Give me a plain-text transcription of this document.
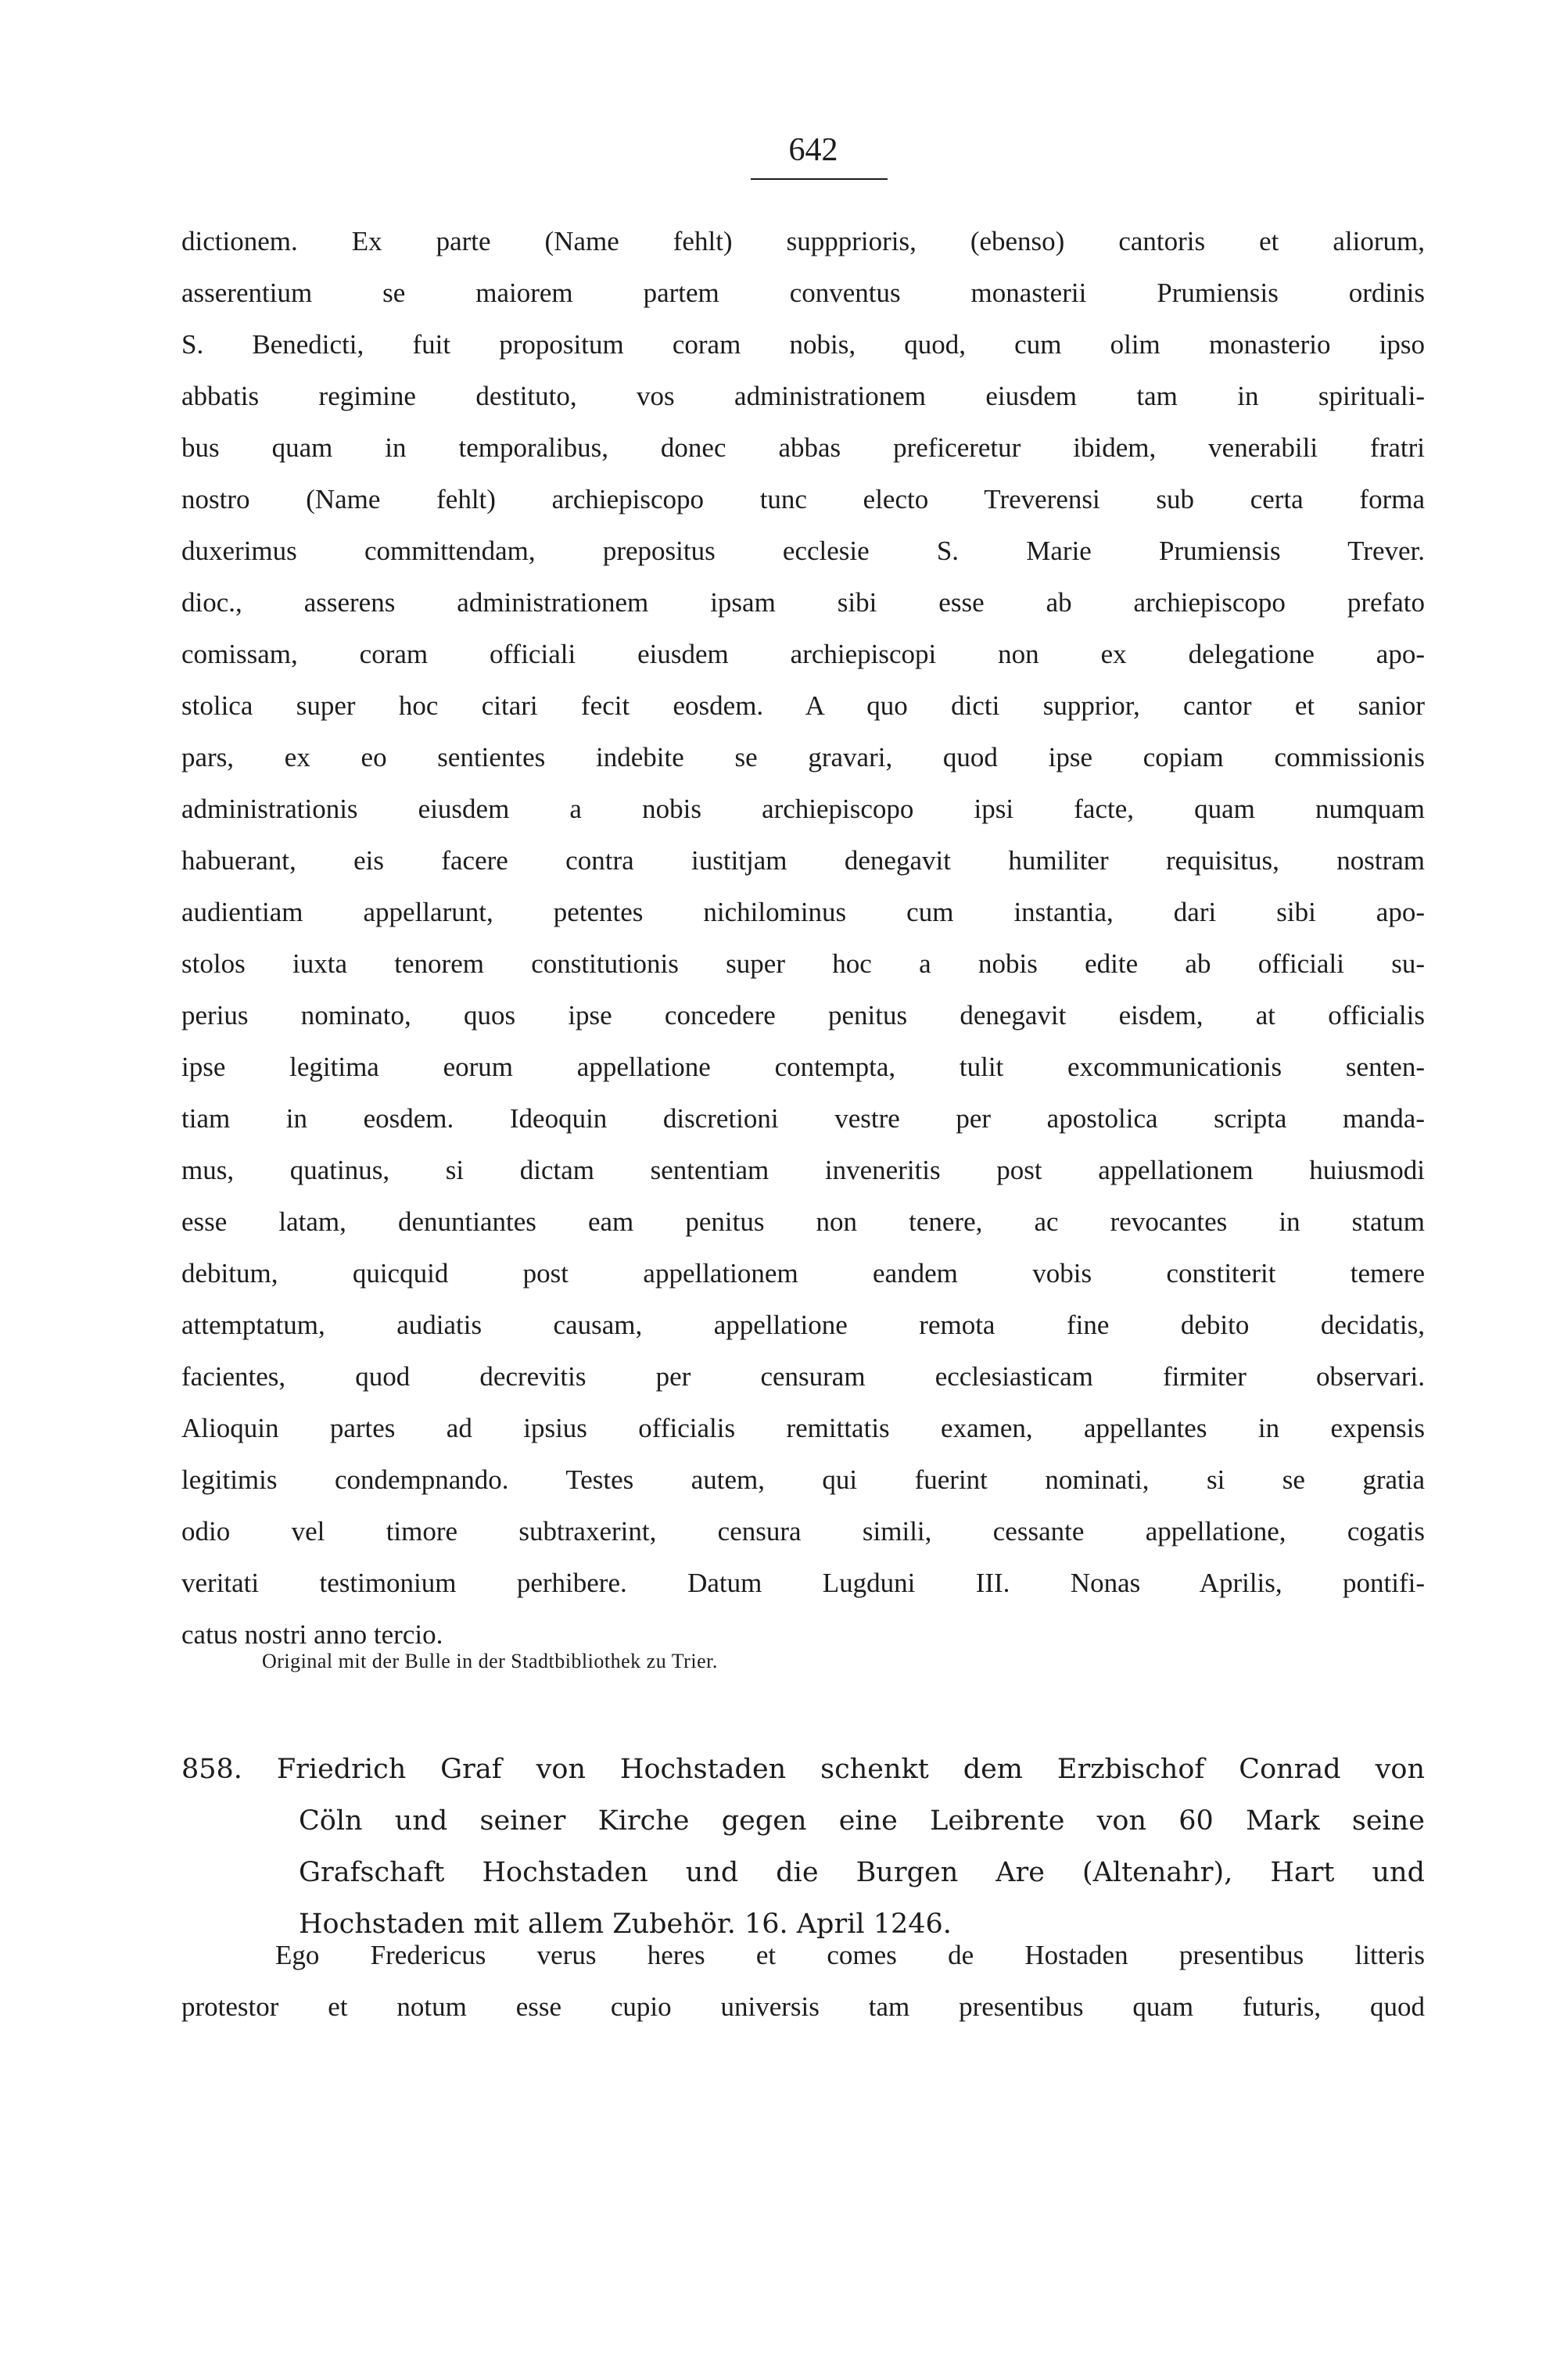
642
dictionem. Ex parte (Name fehlt) suppprioris, (ebenso) cantoris et aliorum,
asserentium se maiorem partem conventus monasterii Prumiensis ordinis
S. Benedicti, fuit propositum coram nobis, quod, cum olim monasterio ipso
abbatis regimine destituto, vos administrationem eiusdem tam in spirituali-
bus quam in temporalibus, donec abbas preficeretur ibidem, venerabili fratri
nostro (Name fehlt) archiepiscopo tunc electo Treverensi sub certa forma
duxerimus committendam, prepositus ecclesie S. Marie Prumiensis Trever.
dioc., asserens administrationem ipsam sibi esse ab archiepiscopo prefato
comissam, coram officiali eiusdem archiepiscopi non ex delegatione apo-
stolica super hoc citari fecit eosdem. A quo dicti supprior, cantor et sanior
pars, ex eo sentientes indebite se gravari, quod ipse copiam commissionis
administrationis eiusdem a nobis archiepiscopo ipsi facte, quam numquam
habuerant, eis facere contra iustitjam denegavit humiliter requisitus, nostram
audientiam appellarunt, petentes nichilominus cum instantia, dari sibi apo-
stolos iuxta tenorem constitutionis super hoc a nobis edite ab officiali su-
perius nominato, quos ipse concedere penitus denegavit eisdem, at officialis
ipse legitima eorum appellatione contempta, tulit excommunicationis senten-
tiam in eosdem. Ideoquin discretioni vestre per apostolica scripta manda-
mus, quatinus, si dictam sententiam inveneritis post appellationem huiusmodi
esse latam, denuntiantes eam penitus non tenere, ac revocantes in statum
debitum, quicquid post appellationem eandem vobis constiterit temere
attemptatum, audiatis causam, appellatione remota fine debito decidatis,
facientes, quod decrevitis per censuram ecclesiasticam firmiter observari.
Alioquin partes ad ipsius officialis remittatis examen, appellantes in expensis
legitimis condempnando. Testes autem, qui fuerint nominati, si se gratia
odio vel timore subtraxerint, censura simili, cessante appellatione, cogatis
veritati testimonium perhibere. Datum Lugduni III. Nonas Aprilis, pontifi-
catus nostri anno tercio.

Original mit der Bulle in der Stadtbibliothek zu Trier.

858. Friedrich Graf von Hochstaden schenkt dem Erzbischof Conrad von
Cöln und seiner Kirche gegen eine Leibrente von 60 Mark seine
Grafschaft Hochstaden und die Burgen Are (Altenahr), Hart und
Hochstaden mit allem Zubehör. 16. April 1246.
Ego Fredericus verus heres et comes de Hostaden presentibus litteris
protestor et notum esse cupio universis tam presentibus quam futuris, quod
